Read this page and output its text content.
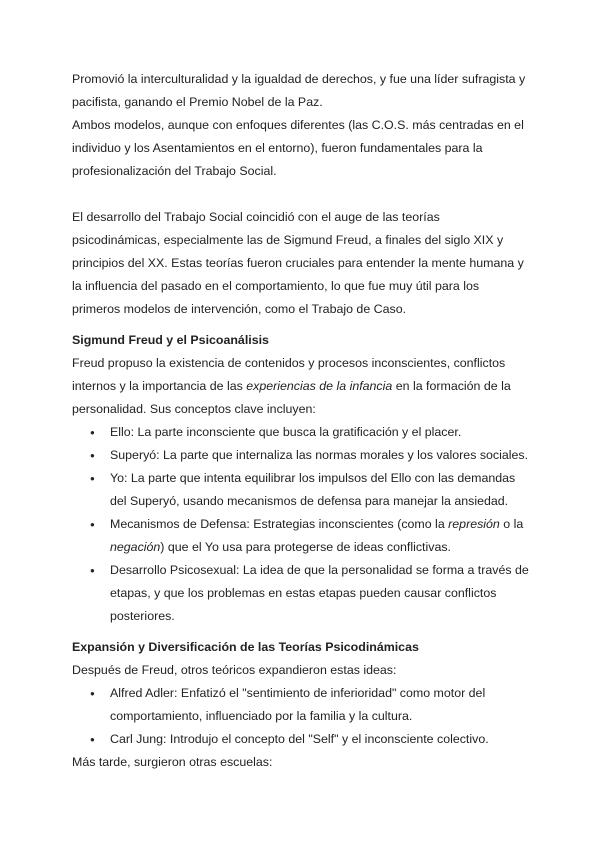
Promovió la interculturalidad y la igualdad de derechos, y fue una líder sufragista y pacifista, ganando el Premio Nobel de la Paz.

Ambos modelos, aunque con enfoques diferentes (las C.O.S. más centradas en el individuo y los Asentamientos en el entorno), fueron fundamentales para la profesionalización del Trabajo Social.

El desarrollo del Trabajo Social coincidió con el auge de las teorías psicodinámicas, especialmente las de Sigmund Freud, a finales del siglo XIX y principios del XX. Estas teorías fueron cruciales para entender la mente humana y la influencia del pasado en el comportamiento, lo que fue muy útil para los primeros modelos de intervención, como el Trabajo de Caso.

Sigmund Freud y el Psicoanálisis

Freud propuso la existencia de contenidos y procesos inconscientes, conflictos internos y la importancia de las experiencias de la infancia en la formación de la personalidad. Sus conceptos clave incluyen:

● Ello: La parte inconsciente que busca la gratificación y el placer.
● Superyó: La parte que internaliza las normas morales y los valores sociales.
● Yo: La parte que intenta equilibrar los impulsos del Ello con las demandas del Superyó, usando mecanismos de defensa para manejar la ansiedad.
● Mecanismos de Defensa: Estrategias inconscientes (como la represión o la negación) que el Yo usa para protegerse de ideas conflictivas.
● Desarrollo Psicosexual: La idea de que la personalidad se forma a través de etapas, y que los problemas en estas etapas pueden causar conflictos posteriores.
Expansión y Diversificación de las Teorías Psicodinámicas

Después de Freud, otros teóricos expandieron estas ideas:

● Alfred Adler: Enfatizó el "sentimiento de inferioridad" como motor del comportamiento, influenciado por la familia y la cultura.
● Carl Jung: Introdujo el concepto del "Self" y el inconsciente colectivo.

Más tarde, surgieron otras escuelas:
